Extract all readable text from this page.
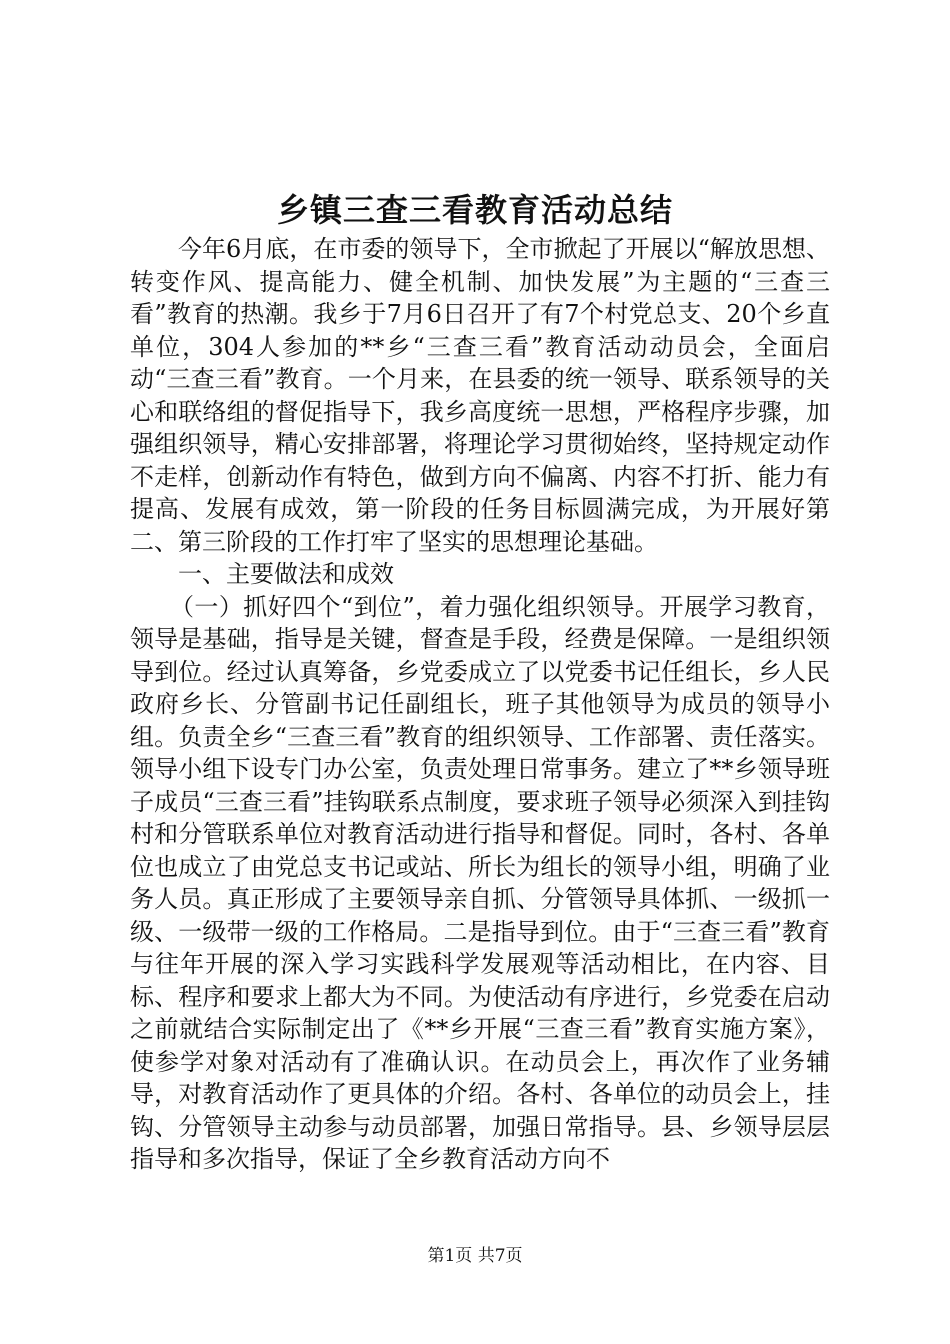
乡镇三查三看教育活动总结

今年6月底，在市委的领导下，全市掀起了开展以“解放思想、转变作风、提高能力、健全机制、加快发展”为主题的“三查三看”教育的热潮。我乡于7月6日召开了有7个村党总支、20个乡直单位，304人参加的**乡“三查三看”教育活动动员会，全面启动“三查三看”教育。一个月来，在县委的统一领导、联系领导的关心和联络组的督促指导下，我乡高度统一思想，严格程序步骤，加强组织领导，精心安排部署，将理论学习贯彻始终，坚持规定动作不走样，创新动作有特色，做到方向不偏离、内容不打折、能力有提高、发展有成效，第一阶段的任务目标圆满完成，为开展好第二、第三阶段的工作打牢了坚实的思想理论基础。

一、主要做法和成效

（一）抓好四个“到位”，着力强化组织领导。开展学习教育，领导是基础，指导是关键，督查是手段，经费是保障。一是组织领导到位。经过认真筹备，乡党委成立了以党委书记任组长，乡人民政府乡长、分管副书记任副组长，班子其他领导为成员的领导小组。负责全乡“三查三看”教育的组织领导、工作部署、责任落实。领导小组下设专门办公室，负责处理日常事务。建立了**乡领导班子成员“三查三看”挂钩联系点制度，要求班子领导必须深入到挂钩村和分管联系单位对教育活动进行指导和督促。同时，各村、各单位也成立了由党总支书记或站、所长为组长的领导小组，明确了业务人员。真正形成了主要领导亲自抓、分管领导具体抓、一级抓一级、一级带一级的工作格局。二是指导到位。由于“三查三看”教育与往年开展的深入学习实践科学发展观等活动相比，在内容、目标、程序和要求上都大为不同。为使活动有序进行，乡党委在启动之前就结合实际制定出了《**乡开展“三查三看”教育实施方案》，使参学对象对活动有了准确认识。在动员会上，再次作了业务辅导，对教育活动作了更具体的介绍。各村、各单位的动员会上，挂钩、分管领导主动参与动员部署，加强日常指导。县、乡领导层层指导和多次指导，保证了全乡教育活动方向不

第1页 共7页
